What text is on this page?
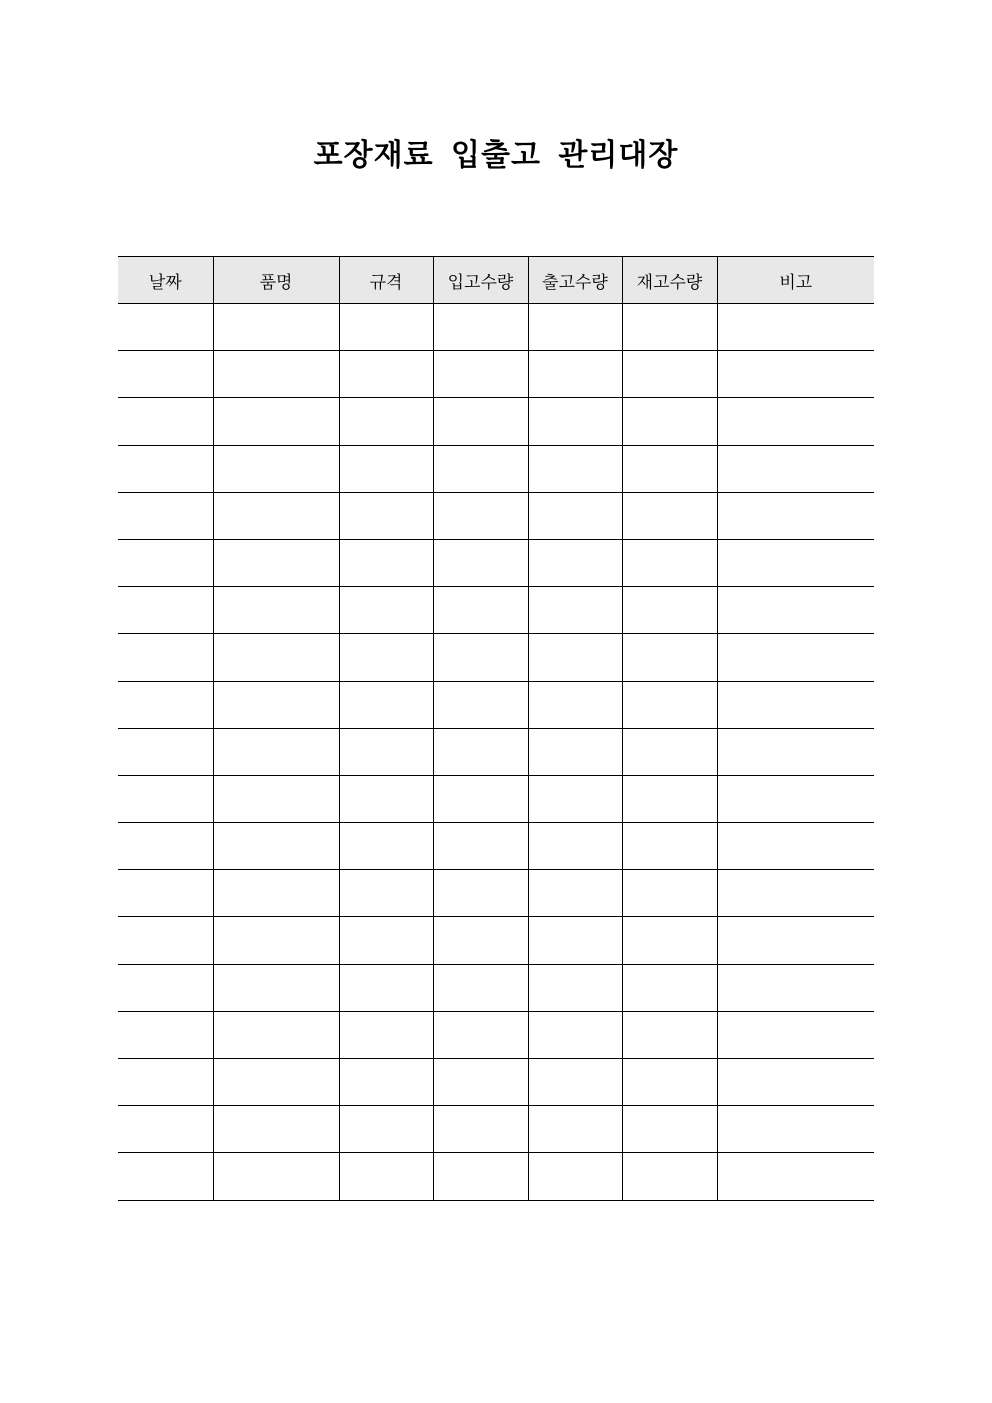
포장재료 입출고 관리대장
날짜	품명	규격	입고수량	출고수량	재고수량	비고
